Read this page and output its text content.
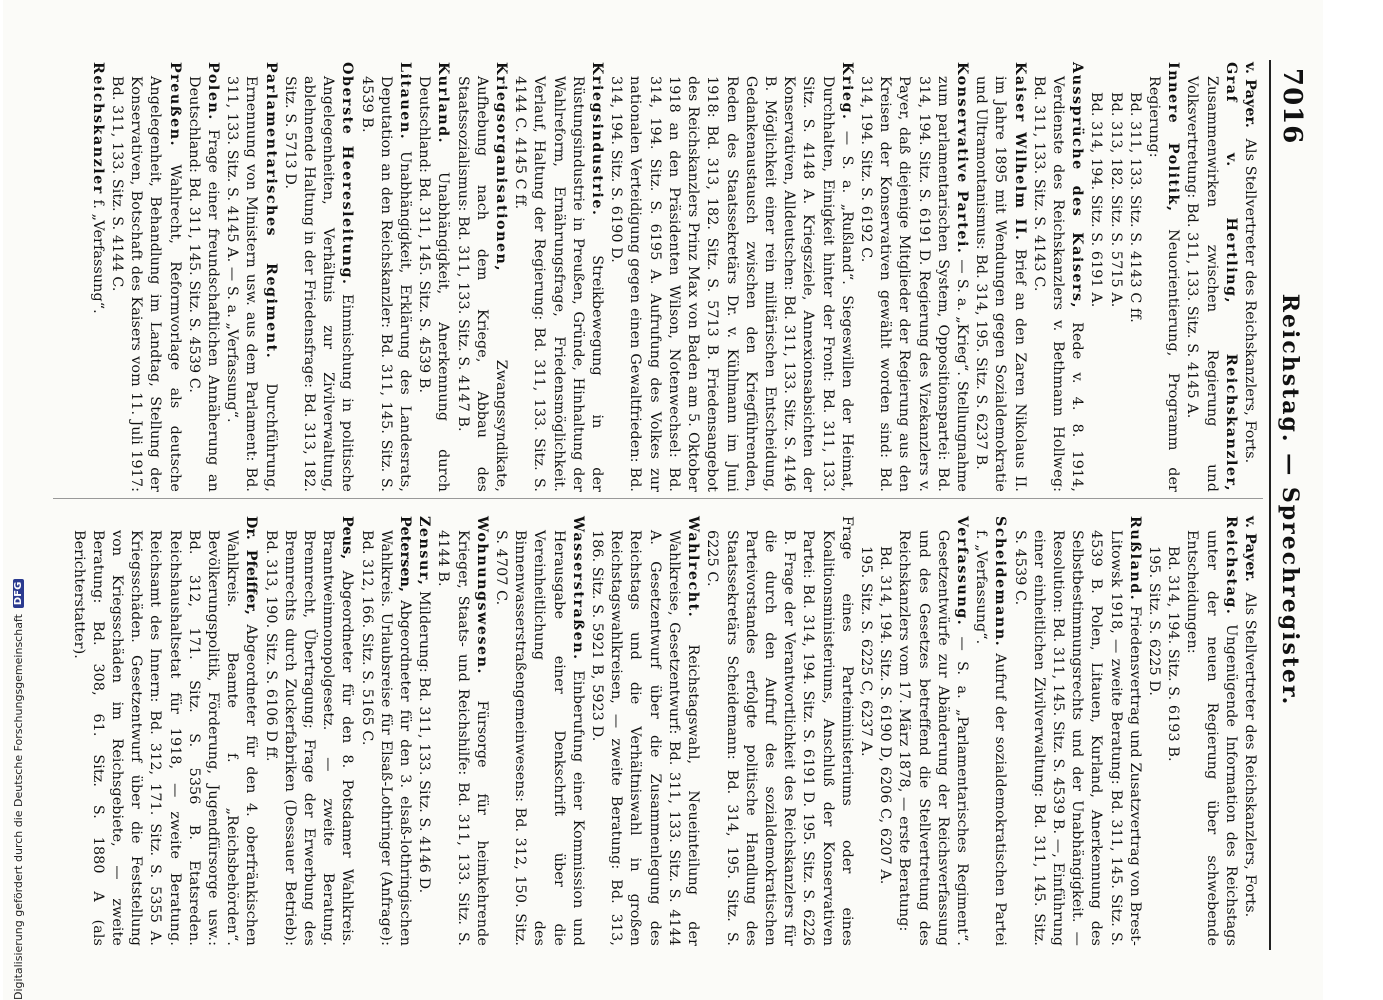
7016
Reichstag. — Sprechregister.

v. Payer. Als Stellvertreter des Reichskanzlers, Forts.

Graf v. Hertling, Reichskanzler, Zusammenwirken zwischen Regierung und Volksvertretung: Bd. 311, 133. Sitz. S. 4145 A.

Innere Politik, Neuorientierung, Programm der Regierung:

Bd. 311, 133. Sitz. S. 4143 C ff.

Bd. 313, 182. Sitz. S. 5715 A.

Bd. 314, 194. Sitz. S. 6191 A.

Aussprüche des Kaisers, Rede v. 4. 8. 1914, Verdienste des Reichskanzlers v. Bethmann Hollweg: Bd. 311, 133. Sitz. S. 4143 C.

Kaiser Wilhelm II. Brief an den Zaren Nikolaus II. im Jahre 1895 mit Wendungen gegen Sozialdemokratie und Ultramontanismus: Bd. 314, 195. Sitz. S. 6237 B.

Konservative Partei. — S. a. „Krieg“. Stellungnahme zum parlamentarischen System, Oppositionspartei: Bd. 314, 194. Sitz. S. 6191 D. Regierung des Vizekanzlers v. Payer, daß diejenige Mitglieder der Regierung aus den Kreisen der Konservativen gewählt worden sind: Bd. 314, 194. Sitz. S. 6192 C.

Krieg. — S. a. „Rußland“. Siegeswillen der Heimat, Durchhalten, Einigkeit hinter der Front: Bd. 311, 133. Sitz. S. 4148 A. Kriegsziele, Annexionsabsichten der Konservativen, Alldeutschen: Bd. 311, 133. Sitz. S. 4146 B. Möglichkeit einer rein militärischen Entscheidung, Gedankenaustausch zwischen den Kriegführenden, Reden des Staatssekretärs Dr. v. Kühlmann im Juni 1918: Bd. 313, 182. Sitz. S. 5713 B. Friedensangebot des Reichskanzlers Prinz Max von Baden am 5. Oktober 1918 an den Präsidenten Wilson, Notenwechsel: Bd. 314, 194. Sitz. S. 6195 A. Aufrufung des Volkes zur nationalen Verteidigung gegen einen Gewaltfrieden: Bd. 314, 194. Sitz. S. 6190 D.

Kriegsindustrie. Streikbewegung in der Rüstungsindustrie in Preußen, Gründe, Hinhaltung der Wahlreform, Ernährungsfrage, Friedensmöglichkeit. Verlauf, Haltung der Regierung: Bd. 311, 133. Sitz. S. 4144 C. 4145 C ff.

Kriegsorganisationen, Zwangssyndikate, Aufhebung nach dem Kriege, Abbau des Staatssozialismus: Bd. 311, 133. Sitz. S. 4147 B.

Kurland. Unabhängigkeit, Anerkennung durch Deutschland: Bd. 311, 145. Sitz. S. 4539 B.

Litauen. Unabhängigkeit, Erklärung des Landesrats, Deputation an den Reichskanzler: Bd. 311, 145. Sitz. S. 4539 B.

Oberste Heeresleitung. Einmischung in politische Angelegenheiten, Verhältnis zur Zivilverwaltung, ablehnende Haltung in der Friedensfrage: Bd. 313, 182. Sitz. S. 5713 D.

Parlamentarisches Regiment. Durchführung, Ernennung von Ministern usw. aus dem Parlament: Bd. 311, 133. Sitz. S. 4145 A. — S. a. „Verfassung“.

Polen. Frage einer freundschaftlichen Annäherung an Deutschland: Bd. 311, 145. Sitz. S. 4539 C.

Preußen. Wahlrecht, Reformvorlage als deutsche Angelegenheit, Behandlung im Landtag, Stellung der Konservativen, Botschaft des Kaisers vom 11. Juli 1917: Bd. 311, 133. Sitz. S. 4144 C.

Reichskanzler f. „Verfassung“.

v. Payer. Als Stellvertreter des Reichskanzlers, Forts.

Reichstag. Ungenügende Information des Reichstags unter der neuen Regierung über schwebende Entscheidungen:

Bd. 314, 194. Sitz. S. 6193 B.

195. Sitz. S. 6225 D.

Rußland. Friedensvertrag und Zusatzvertrag von Brest-Litowsk 1918, — zweite Beratung: Bd. 311, 145. Sitz. S. 4539 B. Polen, Litauen, Kurland, Anerkennung des Selbstbestimmungsrechts und der Unabhängigkeit. — Resolution: Bd. 311, 145. Sitz. S. 4539 B. —, Einführung einer einheitlichen Zivilverwaltung: Bd. 311, 145. Sitz. S. 4539 C.

Scheidemann. Aufruf der sozialdemokratischen Partei f. „Verfassung“.

Verfassung. — S. a. „Parlamentarisches Regiment“. Gesetzentwürfe zur Abänderung der Reichsverfassung und des Gesetzes betreffend die Stellvertretung des Reichskanzlers vom 17. März 1878, — erste Beratung:

Bd. 314, 194. Sitz. S. 6190 D, 6206 C, 6207 A.

195. Sitz. S. 6225 C, 6237 A.

Frage eines Parteiministeriums oder eines Koalitionsministeriums, Anschluß der Konservativen Partei: Bd. 314, 194. Sitz. S. 6191 D. 195. Sitz. S. 6226 B. Frage der Verantwortlichkeit des Reichskanzlers für die durch den Aufruf des sozialdemokratischen Parteivorstandes erfolgte politische Handlung des Staatssekretärs Scheidemann: Bd. 314, 195. Sitz. S. 6225 C.

Wahlrecht. Reichstagswahl, Neueinteilung der Wahlkreise, Gesetzentwurf: Bd. 311, 133. Sitz. S. 4144 A. Gesetzentwurf über die Zusammenlegung des Reichstags und die Verhältniswahl in großen Reichstagswahlkreisen, — zweite Beratung: Bd. 313, 186. Sitz. S. 5921 B, 5923 D.

Wasserstraßen. Einberufung einer Kommission und Herausgabe einer Denkschrift über die Vereinheitlichung des Binnenwasserstraßengemeinwesens: Bd. 312, 150. Sitz. S. 4707 C.

Wohnungswesen. Fürsorge für heimkehrende Krieger, Staats- und Reichshilfe: Bd. 311, 133. Sitz. S. 4144 B.

Zensur, Milderung: Bd. 311, 133. Sitz. S. 4146 D.

Petersen, Abgeordneter für den 3. elsaß-lothringischen Wahlkreis. Urlaubsreise für Elsaß-Lothringer (Anfrage): Bd. 312, 166. Sitz. S. 5165 C.

Peus, Abgeordneter für den 8. Potsdamer Wahlkreis. Branntweinmonopolgesetz. — zweite Beratung. Brennrecht, Übertragung; Frage der Erwerbung des Brennrechts durch Zuckerfabriken (Dessauer Betrieb): Bd. 313, 190. Sitz. S. 6106 D ff.

Dr. Pfeiffer, Abgeordneter für den 4. oberfränkischen Wahlkreis. Beamte f. „Reichsbehörden“. Bevölkerungspolitik, Förderung, Jugendfürsorge usw.: Bd. 312, 171. Sitz. S. 5356 B. Etatsreden. Reichshaushaltsetat für 1918, — zweite Beratung. Reichsamt des Innern: Bd. 312, 171. Sitz. S. 5355 A. Kriegsschäden. Gesetzentwurf über die Feststellung von Kriegsschäden im Reichsgebiete, — zweite Beratung: Bd. 308, 61. Sitz. S. 1880 A (als Berichterstatter).

Digitalisierung gefördert durch die Deutsche Forschungsgemeinschaft
DFG
